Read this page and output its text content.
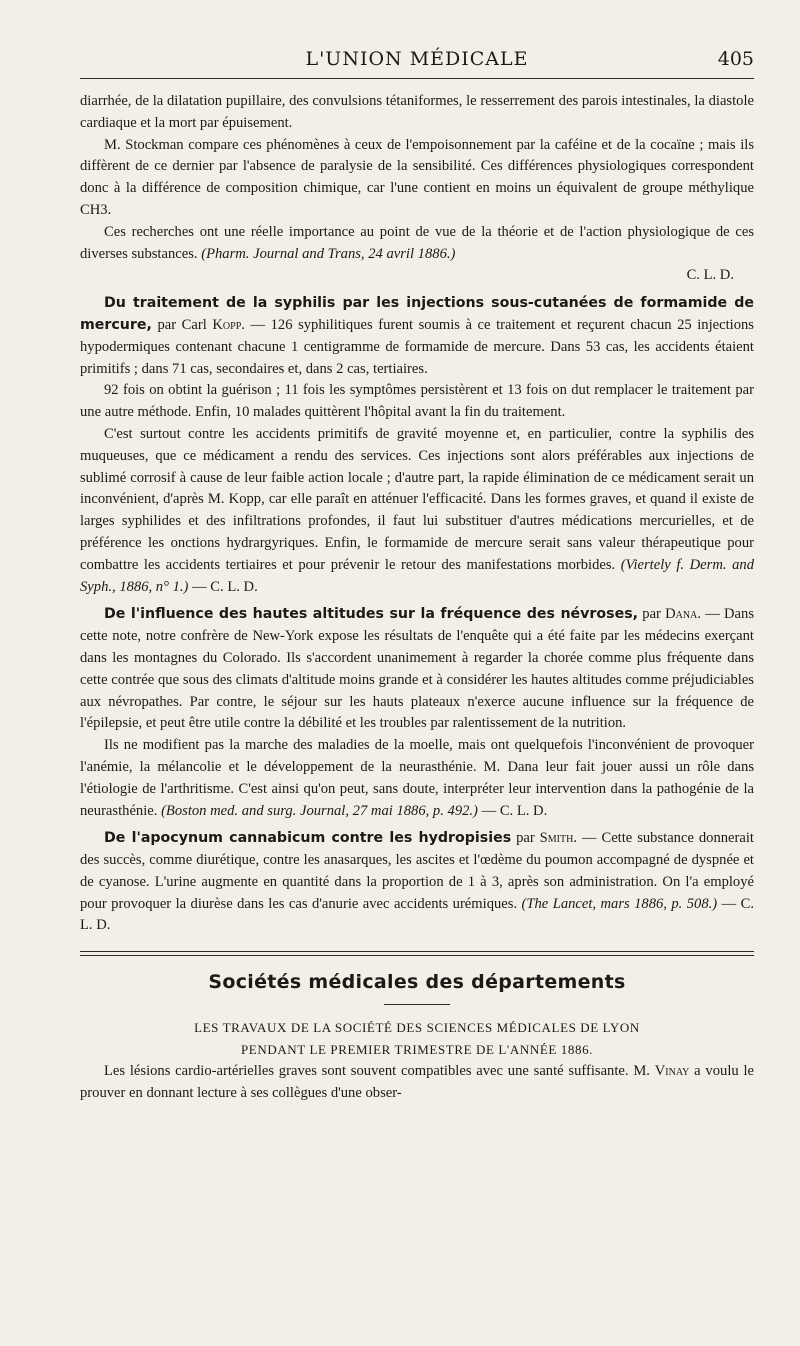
L'UNION MÉDICALE	405

diarrhée, de la dilatation pupillaire, des convulsions tétaniformes, le resserrement des parois intestinales, la diastole cardiaque et la mort par épuisement.

M. Stockman compare ces phénomènes à ceux de l'empoisonnement par la caféine et de la cocaïne ; mais ils diffèrent de ce dernier par l'absence de paralysie de la sensibilité. Ces différences physiologiques correspondent donc à la différence de composition chimique, car l'une contient en moins un équivalent de groupe méthylique CH3.

Ces recherches ont une réelle importance au point de vue de la théorie et de l'action physiologique de ces diverses substances. (Pharm. Journal and Trans, 24 avril 1886.)

C. L. D.

Du traitement de la syphilis par les injections sous-cutanées de formamide de mercure, par Carl Kopp. — 126 syphilitiques furent soumis à ce traitement et reçurent chacun 25 injections hypodermiques contenant chacune 1 centigramme de formamide de mercure. Dans 53 cas, les accidents étaient primitifs ; dans 71 cas, secondaires et, dans 2 cas, tertiaires.

92 fois on obtint la guérison ; 11 fois les symptômes persistèrent et 13 fois on dut remplacer le traitement par une autre méthode. Enfin, 10 malades quittèrent l'hôpital avant la fin du traitement.

C'est surtout contre les accidents primitifs de gravité moyenne et, en particulier, contre la syphilis des muqueuses, que ce médicament a rendu des services. Ces injections sont alors préférables aux injections de sublimé corrosif à cause de leur faible action locale ; d'autre part, la rapide élimination de ce médicament serait un inconvénient, d'après M. Kopp, car elle paraît en atténuer l'efficacité. Dans les formes graves, et quand il existe de larges syphilides et des infiltrations profondes, il faut lui substituer d'autres médications mercurielles, et de préférence les onctions hydrargyriques. Enfin, le formamide de mercure serait sans valeur thérapeutique pour combattre les accidents tertiaires et pour prévenir le retour des manifestations morbides. (Viertely f. Derm. and Syph., 1886, n° 1.) — C. L. D.

De l'influence des hautes altitudes sur la fréquence des névroses, par Dana. — Dans cette note, notre confrère de New-York expose les résultats de l'enquête qui a été faite par les médecins exerçant dans les montagnes du Colorado. Ils s'accordent unanimement à regarder la chorée comme plus fréquente dans cette contrée que sous des climats d'altitude moins grande et à considérer les hautes altitudes comme préjudiciables aux névropathes. Par contre, le séjour sur les hauts plateaux n'exerce aucune influence sur la fréquence de l'épilepsie, et peut être utile contre la débilité et les troubles par ralentissement de la nutrition.

Ils ne modifient pas la marche des maladies de la moelle, mais ont quelquefois l'inconvénient de provoquer l'anémie, la mélancolie et le développement de la neurasthénie. M. Dana leur fait jouer aussi un rôle dans l'étiologie de l'arthritisme. C'est ainsi qu'on peut, sans doute, interpréter leur intervention dans la pathogénie de la neurasthénie. (Boston med. and surg. Journal, 27 mai 1886, p. 492.) — C. L. D.

De l'apocynum cannabicum contre les hydropisies par Smith. — Cette substance donnerait des succès, comme diurétique, contre les anasarques, les ascites et l'œdème du poumon accompagné de dyspnée et de cyanose. L'urine augmente en quantité dans la proportion de 1 à 3, après son administration. On l'a employé pour provoquer la diurèse dans les cas d'anurie avec accidents urémiques. (The Lancet, mars 1886, p. 508.) — C. L. D.

Sociétés médicales des départements
LES TRAVAUX DE LA SOCIÉTÉ DES SCIENCES MÉDICALES DE LYON
PENDANT LE PREMIER TRIMESTRE DE L'ANNÉE 1886.

Les lésions cardio-artérielles graves sont souvent compatibles avec une santé suffisante. M. Vinay a voulu le prouver en donnant lecture à ses collègues d'une obser-
